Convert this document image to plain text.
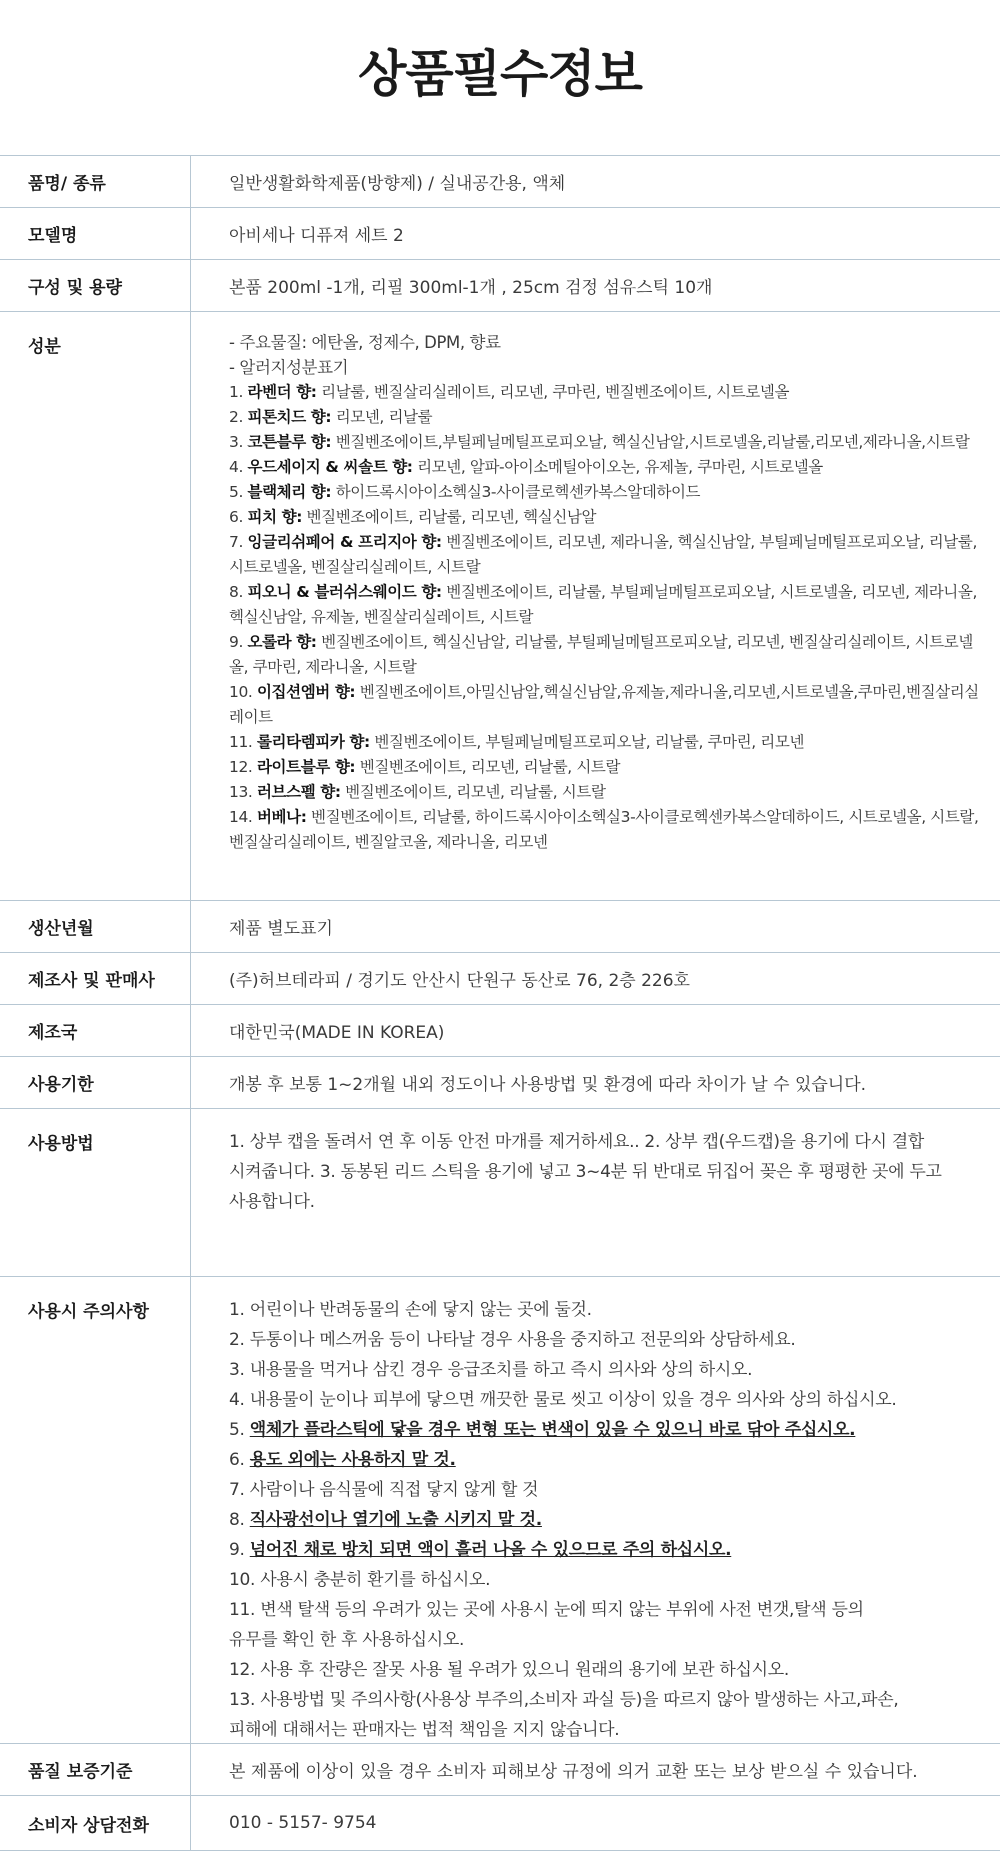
상품필수정보
품명/ 종류	일반생활화학제품(방향제) / 실내공간용, 액체
모델명	아비세나 디퓨져 세트 2
구성 및 용량	본품 200ml -1개, 리필 300ml-1개 , 25cm 검정 섬유스틱 10개
성분	- 주요물질: 에탄올, 정제수, DPM, 향료
- 알러지성분표기
1. 라벤더 향: 리날룰, 벤질살리실레이트, 리모넨, 쿠마린, 벤질벤조에이트, 시트로넬올
2. 피톤치드 향: 리모넨, 리날룰
3. 코튼블루 향: 벤질벤조에이트,부틸페닐메틸프로피오날, 헥실신남알,시트로넬올,리날룰,리모넨,제라니올,시트랄
4. 우드세이지 & 씨솔트 향: 리모넨, 알파-아이소메틸아이오논, 유제놀, 쿠마린, 시트로넬올
5. 블랙체리 향: 하이드록시아이소헥실3-사이클로헥센카복스알데하이드
6. 피치 향: 벤질벤조에이트, 리날룰, 리모넨, 헥실신남알
7. 잉글리쉬페어 & 프리지아 향: 벤질벤조에이트, 리모넨, 제라니올, 헥실신남알, 부틸페닐메틸프로피오날, 리날룰,시트로넬올, 벤질살리실레이트, 시트랄
8. 피오니 & 블러쉬스웨이드 향: 벤질벤조에이트, 리날룰, 부틸페닐메틸프로피오날, 시트로넬올, 리모넨, 제라니올, 헥실신남알, 유제놀, 벤질살리실레이트, 시트랄
9. 오롤라 향: 벤질벤조에이트, 헥실신남알, 리날룰, 부틸페닐메틸프로피오날, 리모넨, 벤질살리실레이트, 시트로넬올, 쿠마린, 제라니올, 시트랄
10. 이집션엠버 향: 벤질벤조에이트,아밀신남알,헥실신남알,유제놀,제라니올,리모넨,시트로넬올,쿠마린,벤질살리실레이트
11. 롤리타렘피카 향: 벤질벤조에이트, 부틸페닐메틸프로피오날, 리날룰, 쿠마린, 리모넨
12. 라이트블루 향: 벤질벤조에이트, 리모넨, 리날룰, 시트랄
13. 러브스펠 향: 벤질벤조에이트, 리모넨, 리날룰, 시트랄
14. 버베나: 벤질벤조에이트, 리날룰, 하이드록시아이소헥실3-사이클로헥센카복스알데하이드, 시트로넬올, 시트랄, 벤질살리실레이트, 벤질알코올, 제라니올, 리모넨
생산년월	제품 별도표기
제조사 및 판매사	(주)허브테라피 / 경기도 안산시 단원구 동산로 76, 2층 226호
제조국	대한민국(MADE IN KOREA)
사용기한	개봉 후 보통 1~2개월 내외 정도이나 사용방법 및 환경에 따라 차이가 날 수 있습니다.
사용방법	1. 상부 캡을 돌려서 연 후 이동 안전 마개를 제거하세요.. 2. 상부 캡(우드캡)을 용기에 다시 결합
시켜줍니다. 3. 동봉된 리드 스틱을 용기에 넣고 3~4분 뒤 반대로 뒤집어 꽂은 후 평평한 곳에 두고
사용합니다.
사용시 주의사항	1. 어린이나 반려동물의 손에 닿지 않는 곳에 둘것.
2. 두통이나 메스꺼움 등이 나타날 경우 사용을 중지하고 전문의와 상담하세요.
3. 내용물을 먹거나 삼킨 경우 응급조치를 하고 즉시 의사와 상의 하시오.
4. 내용물이 눈이나 피부에 닿으면 깨끗한 물로 씻고 이상이 있을 경우 의사와 상의 하십시오.
5. 액체가 플라스틱에 닿을 경우 변형 또는 변색이 있을 수 있으니 바로 닦아 주십시오.
6. 용도 외에는 사용하지 말 것.
7. 사람이나 음식물에 직접 닿지 않게 할 것
8. 직사광선이나 열기에 노출 시키지 말 것.
9. 넘어진 채로 방치 되면 액이 흘러 나올 수 있으므로 주의 하십시오.
10. 사용시 충분히 환기를 하십시오.
11. 변색 탈색 등의 우려가 있는 곳에 사용시 눈에 띄지 않는 부위에 사전 변갯,탈색 등의
유무를 확인 한 후 사용하십시오.
12. 사용 후 잔량은 잘못 사용 될 우려가 있으니 원래의 용기에 보관 하십시오.
13. 사용방법 및 주의사항(사용상 부주의,소비자 과실 등)을 따르지 않아 발생하는 사고,파손,
피해에 대해서는 판매자는 법적 책임을 지지 않습니다.
품질 보증기준	본 제품에 이상이 있을 경우 소비자 피해보상 규정에 의거 교환 또는 보상 받으실 수 있습니다.
소비자 상담전화	010 - 5157- 9754
